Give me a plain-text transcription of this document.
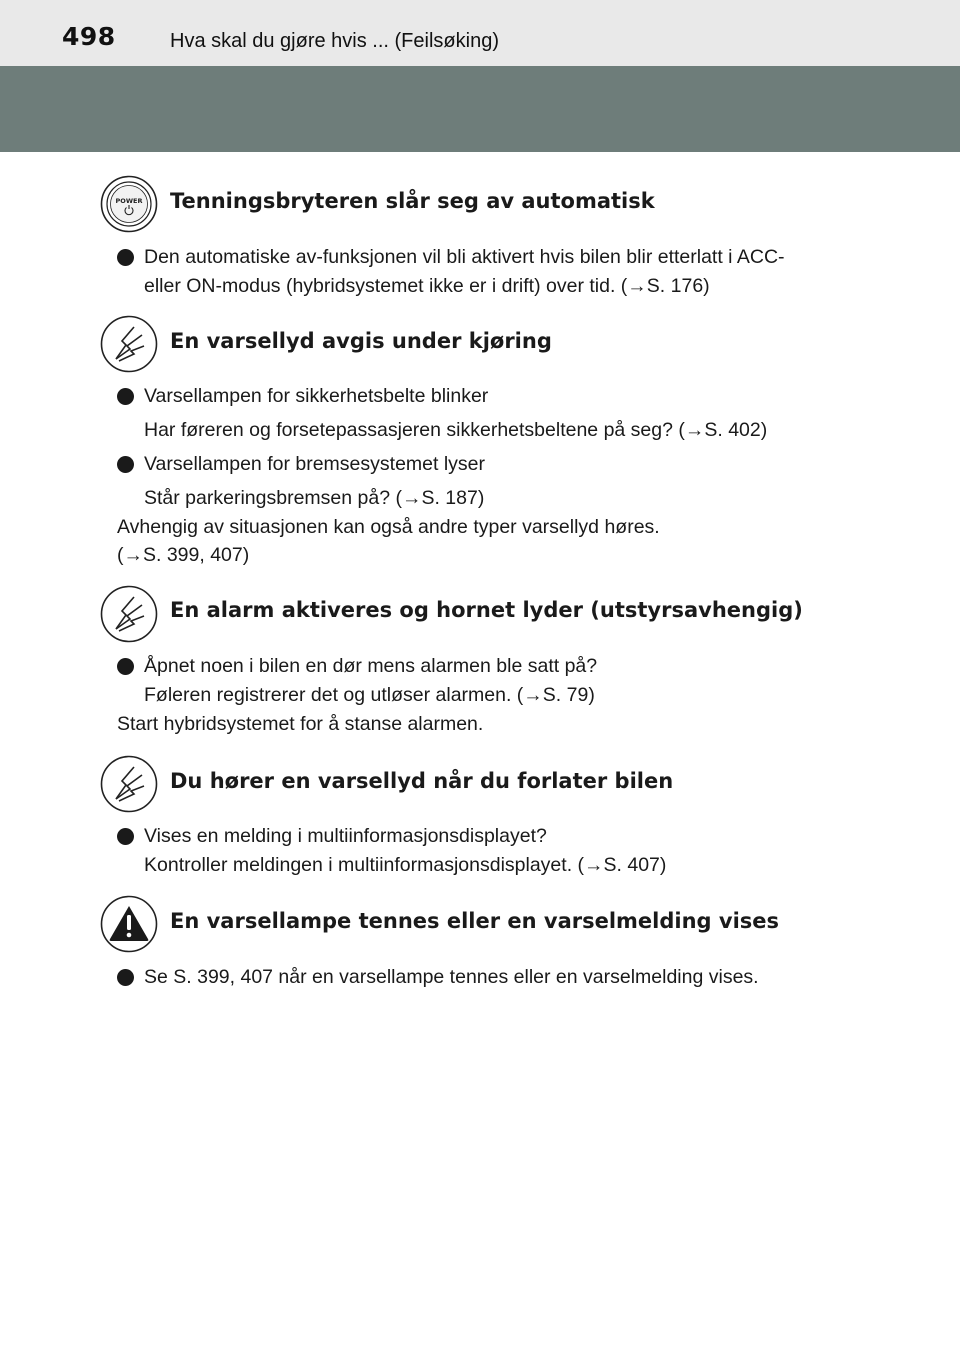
498	Hva skal du gjøre hvis ... (Feilsøking)
POWER Tenningsbryteren slår seg av automatisk
Den automatiske av-funksjonen vil bli aktivert hvis bilen blir etterlatt i ACC-
eller ON-modus (hybridsystemet ikke er i drift) over tid. (→S. 176)
En varsellyd avgis under kjøring
Varsellampen for sikkerhetsbelte blinker
Har føreren og forsetepassasjeren sikkerhetsbeltene på seg? (→S. 402)
Varsellampen for bremsesystemet lyser
Står parkeringsbremsen på? (→S. 187)
Avhengig av situasjonen kan også andre typer varsellyd høres.
(→S. 399, 407)
En alarm aktiveres og hornet lyder (utstyrsavhengig)
Åpnet noen i bilen en dør mens alarmen ble satt på?
Føleren registrerer det og utløser alarmen. (→S. 79)
Start hybridsystemet for å stanse alarmen.
Du hører en varsellyd når du forlater bilen
Vises en melding i multiinformasjonsdisplayet?
Kontroller meldingen i multiinformasjonsdisplayet. (→S. 407)
En varsellampe tennes eller en varselmelding vises
Se S. 399, 407 når en varsellampe tennes eller en varselmelding vises.
